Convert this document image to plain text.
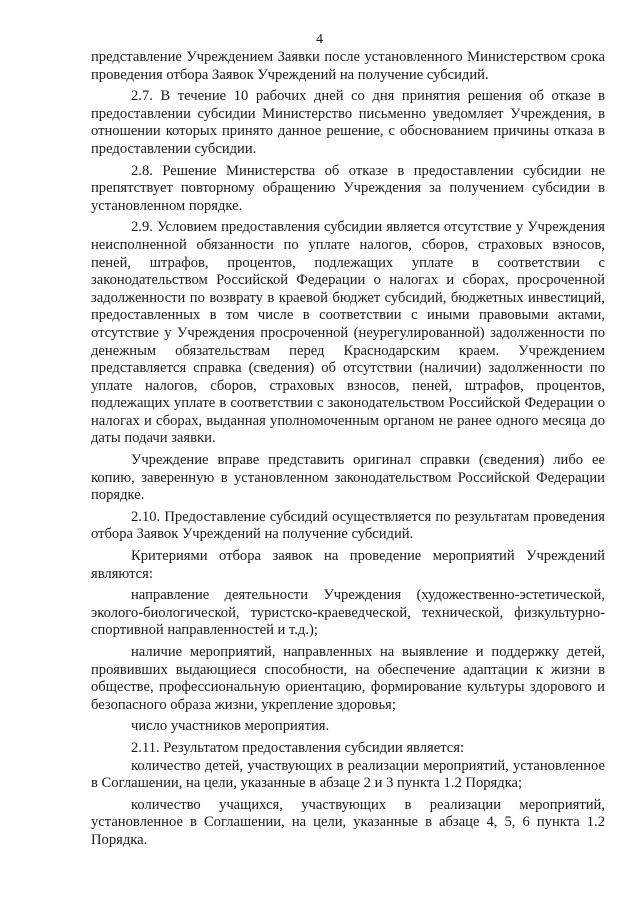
4

представление Учреждением Заявки после установленного Министерством срока проведения отбора Заявок Учреждений на получение субсидий.

2.7. В течение 10 рабочих дней со дня принятия решения об отказе в предоставлении субсидии Министерство письменно уведомляет Учреждения, в отношении которых принято данное решение, с обоснованием причины отказа в предоставлении субсидии.

2.8. Решение Министерства об отказе в предоставлении субсидии не препятствует повторному обращению Учреждения за получением субсидии в установленном порядке.

2.9. Условием предоставления субсидии является отсутствие у Учреждения неисполненной обязанности по уплате налогов, сборов, страховых взносов, пеней, штрафов, процентов, подлежащих уплате в соответствии с законодательством Российской Федерации о налогах и сборах, просроченной задолженности по возврату в краевой бюджет субсидий, бюджетных инвестиций, предоставленных в том числе в соответствии с иными правовыми актами, отсутствие у Учреждения просроченной (неурегулированной) задолженности по денежным обязательствам перед Краснодарским краем. Учреждением представляется справка (сведения) об отсутствии (наличии) задолженности по уплате налогов, сборов, страховых взносов, пеней, штрафов, процентов, подлежащих уплате в соответствии с законодательством Российской Федерации о налогах и сборах, выданная уполномоченным органом не ранее одного месяца до даты подачи заявки.

Учреждение вправе представить оригинал справки (сведения) либо ее копию, заверенную в установленном законодательством Российской Федерации порядке.

2.10. Предоставление субсидий осуществляется по результатам проведения отбора Заявок Учреждений на получение субсидий.

Критериями отбора заявок на проведение мероприятий Учреждений являются:

направление деятельности Учреждения (художественно-эстетической, эколого-биологической, туристско-краеведческой, технической, физкультурно-спортивной направленностей и т.д.);

наличие мероприятий, направленных на выявление и поддержку детей, проявивших выдающиеся способности, на обеспечение адаптации к жизни в обществе, профессиональную ориентацию, формирование культуры здорового и безопасного образа жизни, укрепление здоровья;

число участников мероприятия.

2.11. Результатом предоставления субсидии является:

количество детей, участвующих в реализации мероприятий, установленное в Соглашении, на цели, указанные в абзаце 2 и 3 пункта 1.2 Порядка;

количество учащихся, участвующих в реализации мероприятий, установленное в Соглашении, на цели, указанные в абзаце 4, 5, 6 пункта 1.2 Порядка.
